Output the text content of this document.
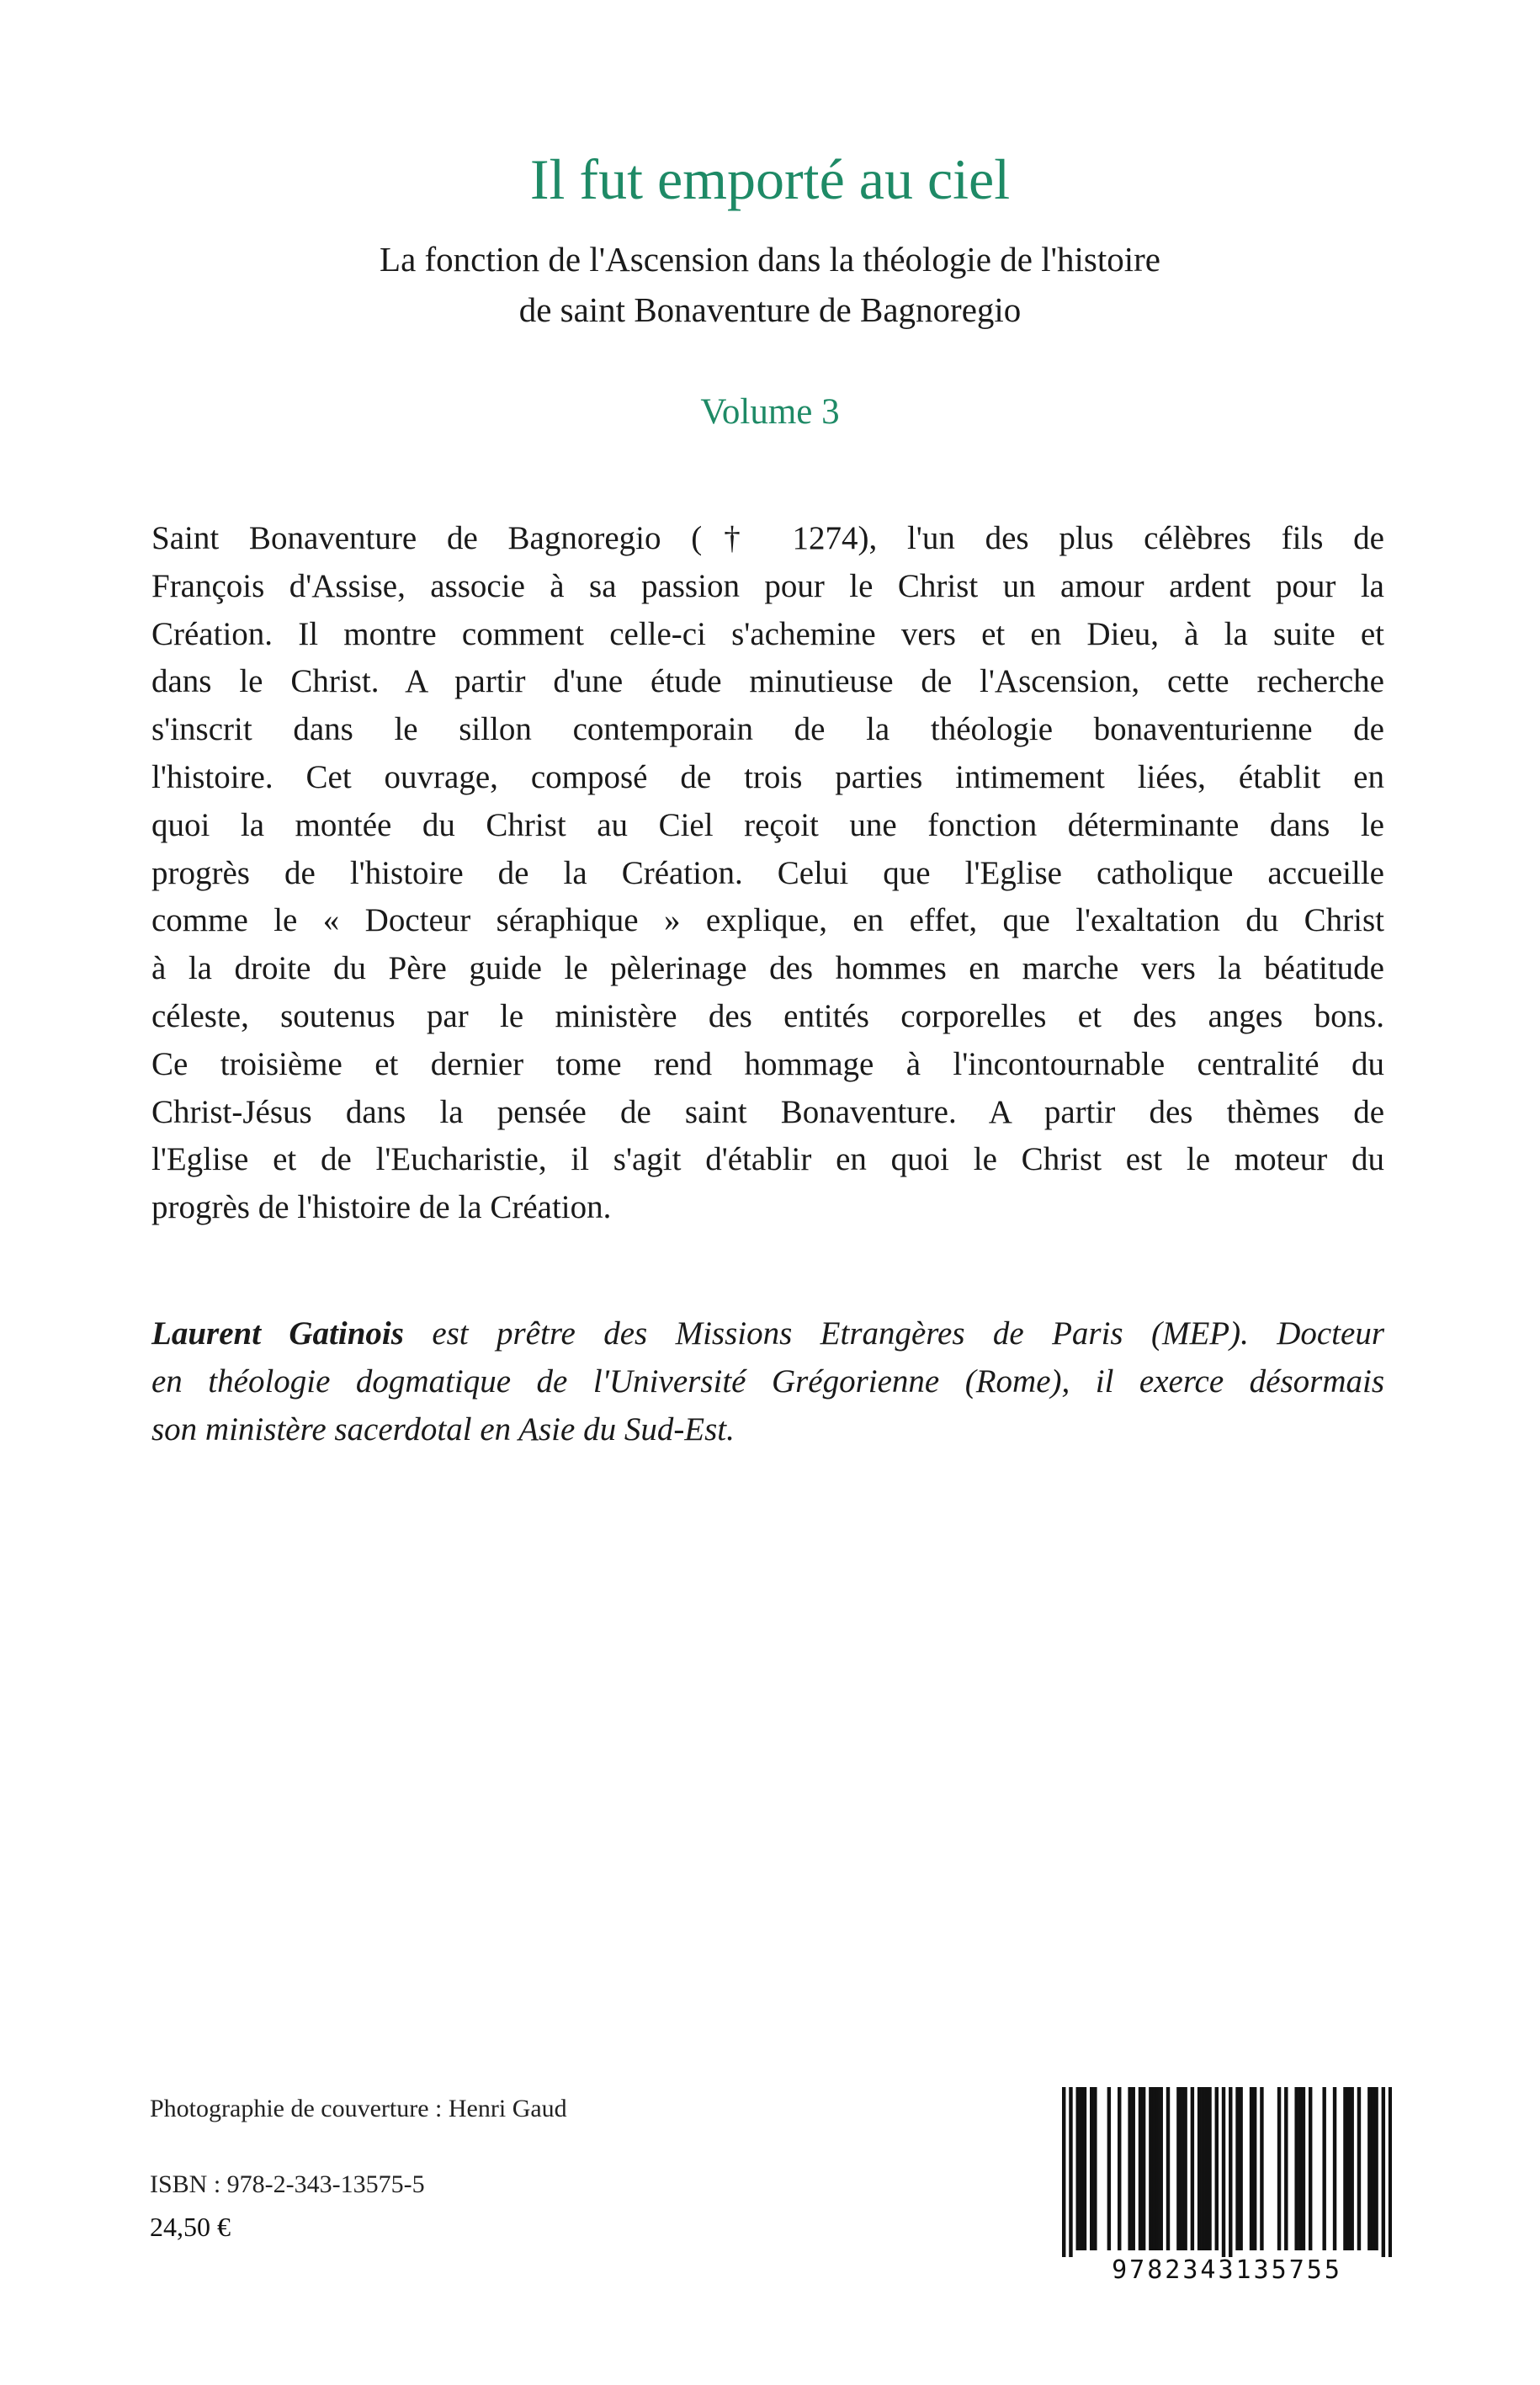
Il fut emporté au ciel
La fonction de l'Ascension dans la théologie de l'histoire
de saint Bonaventure de Bagnoregio
Volume 3
Saint Bonaventure de Bagnoregio († 1274), l'un des plus célèbres fils de
François d'Assise, associe à sa passion pour le Christ un amour ardent pour la
Création. Il montre comment celle-ci s'achemine vers et en Dieu, à la suite et
dans le Christ. A partir d'une étude minutieuse de l'Ascension, cette recherche
s'inscrit dans le sillon contemporain de la théologie bonaventurienne de
l'histoire. Cet ouvrage, composé de trois parties intimement liées, établit en
quoi la montée du Christ au Ciel reçoit une fonction déterminante dans le
progrès de l'histoire de la Création. Celui que l'Eglise catholique accueille
comme le « Docteur séraphique » explique, en effet, que l'exaltation du Christ
à la droite du Père guide le pèlerinage des hommes en marche vers la béatitude
céleste, soutenus par le ministère des entités corporelles et des anges bons.
Ce troisième et dernier tome rend hommage à l'incontournable centralité du
Christ-Jésus dans la pensée de saint Bonaventure. A partir des thèmes de
l'Eglise et de l'Eucharistie, il s'agit d'établir en quoi le Christ est le moteur du
progrès de l'histoire de la Création.
Laurent Gatinois est prêtre des Missions Etrangères de Paris (MEP). Docteur
en théologie dogmatique de l'Université Grégorienne (Rome), il exerce désormais
son ministère sacerdotal en Asie du Sud-Est.
Photographie de couverture : Henri Gaud
ISBN : 978-2-343-13575-5
24,50 €
9782343135755
